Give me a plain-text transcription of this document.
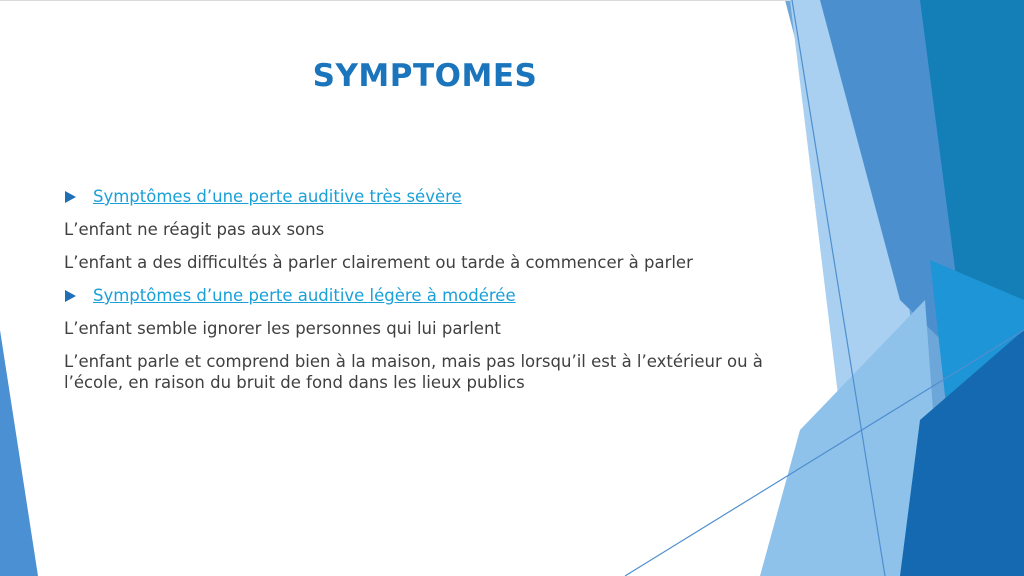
SYMPTOMES
Symptômes d’une perte auditive très sévère

L’enfant ne réagit pas aux sons

L’enfant a des difficultés à parler clairement ou tarde à commencer à parler

Symptômes d’une perte auditive légère à modérée

L’enfant semble ignorer les personnes qui lui parlent

L’enfant parle et comprend bien à la maison, mais pas lorsqu’il est à l’extérieur ou à l’école, en raison du bruit de fond dans les lieux publics
